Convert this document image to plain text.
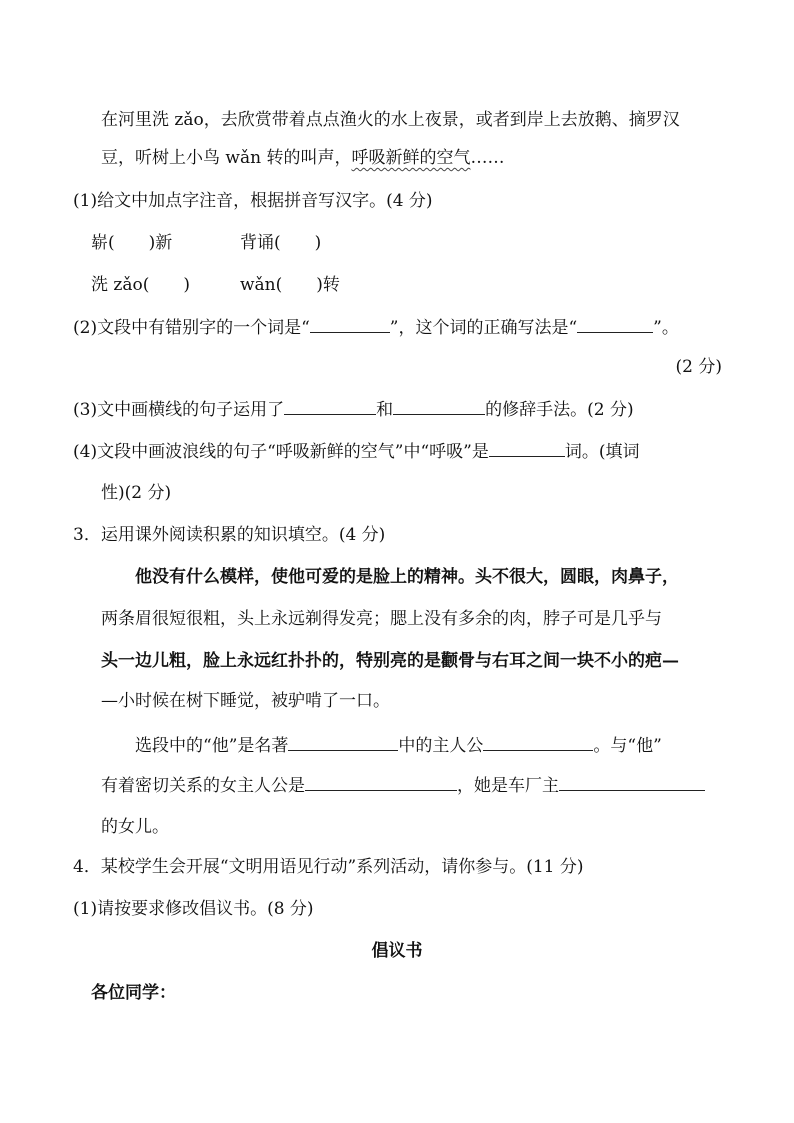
在河里洗 zǎo，去欣赏带着点点渔火的水上夜景，或者到岸上去放鹅、摘罗汉
豆，听树上小鸟 wǎn 转的叫声，呼吸新鲜的空气……
(1)给文中加点字注音，根据拼音写汉字。(4 分)
崭(　　)新	背诵(　　)
洗 zǎo(　　)	wǎn(　　)转
(2)文段中有错别字的一个词是“	”，这个词的正确写法是“	”。
(2 分)
(3)文中画横线的句子运用了	和	的修辞手法。(2 分)
(4)文段中画波浪线的句子“呼吸新鲜的空气”中“呼吸”是	词。(填词
性)(2 分)
3．运用课外阅读积累的知识填空。(4 分)
他没有什么模样，使他可爱的是脸上的精神。头不很大，圆眼，肉鼻子，
两条眉很短很粗，头上永远剃得发亮；腮上没有多余的肉，脖子可是几乎与
头一边儿粗，脸上永远红扑扑的，特别亮的是颧骨与右耳之间一块不小的疤—
—小时候在树下睡觉，被驴啃了一口。
选段中的“他”是名著	中的主人公	。与“他”
有着密切关系的女主人公是	，她是车厂主
的女儿。
4．某校学生会开展“文明用语见行动”系列活动，请你参与。(11 分)
(1)请按要求修改倡议书。(8 分)
倡议书
各位同学：
